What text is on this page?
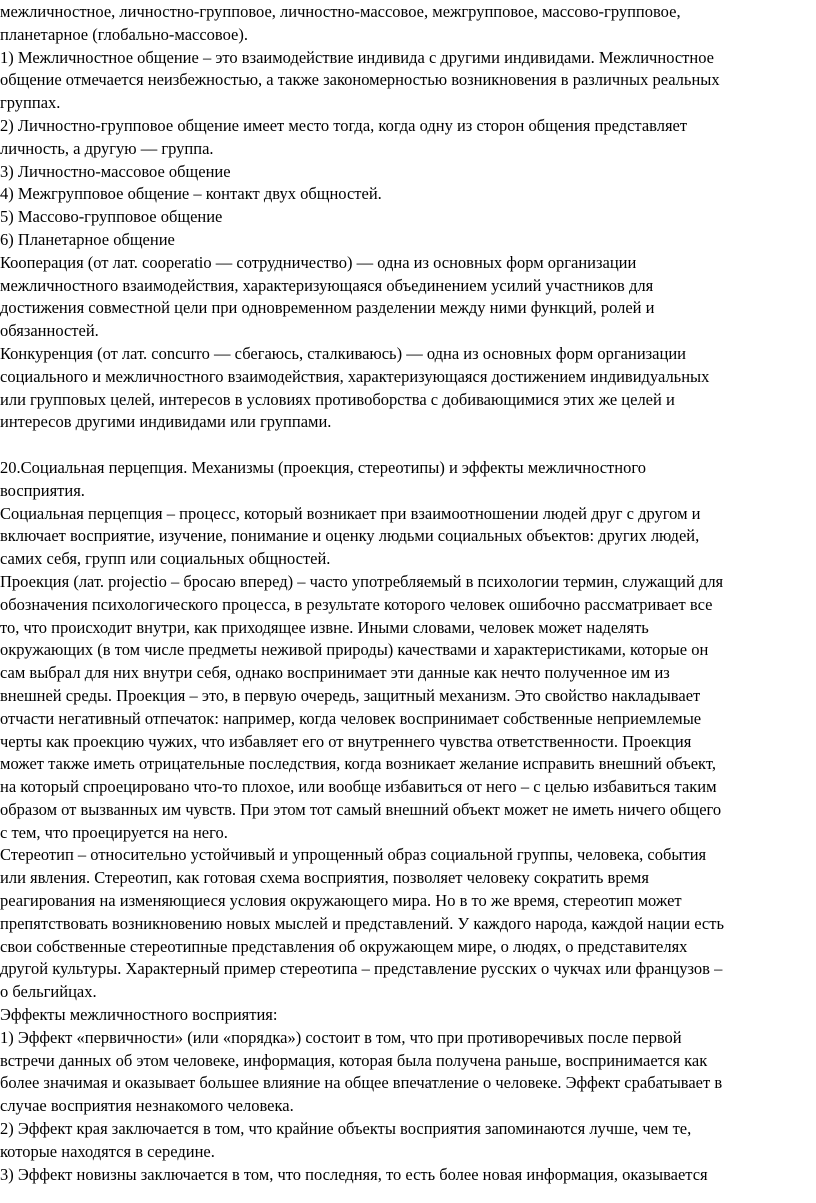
межличностное, личностно-групповое, личностно-массовое, межгрупповое, массово-групповое,
планетарное (глобально-массовое).
1) Межличностное общение – это взаимодействие индивида с другими индивидами. Межличностное
общение отмечается неизбежностью, а также закономерностью возникновения в различных реальных
группах.
2) Личностно-групповое общение имеет место тогда, когда одну из сторон общения представляет
личность, а другую — группа.
3) Личностно-массовое общение
4) Межгрупповое общение – контакт двух общностей.
5) Массово-групповое общение
6) Планетарное общение
Кооперация (от лат. cooperatio — сотрудничество) — одна из основных форм организации
межличностного взаимодействия, характеризующаяся объединением усилий участников для
достижения совместной цели при одновременном разделении между ними функций, ролей и
обязанностей.
Конкуренция (от лат. concurro — сбегаюсь, сталкиваюсь) — одна из основных форм организации
социального и межличностного взаимодействия, характеризующаяся достижением индивидуальных
или групповых целей, интересов в условиях противоборства с добивающимися этих же целей и
интересов другими индивидами или группами.
20.Социальная перцепция. Механизмы (проекция, стереотипы) и эффекты межличностного
восприятия.
Социальная перцепция – процесс, который возникает при взаимоотношении людей друг с другом и
включает восприятие, изучение, понимание и оценку людьми социальных объектов: других людей,
самих себя, групп или социальных общностей.
Проекция (лат. projectio – бросаю вперед) – часто употребляемый в психологии термин, служащий для
обозначения психологического процесса, в результате которого человек ошибочно рассматривает все
то, что происходит внутри, как приходящее извне. Иными словами, человек может наделять
окружающих (в том числе предметы неживой природы) качествами и характеристиками, которые он
сам выбрал для них внутри себя, однако воспринимает эти данные как нечто полученное им из
внешней среды. Проекция – это, в первую очередь, защитный механизм. Это свойство накладывает
отчасти негативный отпечаток: например, когда человек воспринимает собственные неприемлемые
черты как проекцию чужих, что избавляет его от внутреннего чувства ответственности. Проекция
может также иметь отрицательные последствия, когда возникает желание исправить внешний объект,
на который спроецировано что-то плохое, или вообще избавиться от него – с целью избавиться таким
образом от вызванных им чувств. При этом тот самый внешний объект может не иметь ничего общего
с тем, что проецируется на него.
Стереотип – относительно устойчивый и упрощенный образ социальной группы, человека, события
или явления. Стереотип, как готовая схема восприятия, позволяет человеку сократить время
реагирования на изменяющиеся условия окружающего мира. Но в то же время, стереотип может
препятствовать возникновению новых мыслей и представлений. У каждого народа, каждой нации есть
свои собственные стереотипные представления об окружающем мире, о людях, о представителях
другой культуры. Характерный пример стереотипа – представление русских о чукчах или французов –
о бельгийцах.
Эффекты межличностного восприятия:
1) Эффект «первичности» (или «порядка») состоит в том, что при противоречивых после первой
встречи данных об этом человеке, информация, которая была получена раньше, воспринимается как
более значимая и оказывает большее влияние на общее впечатление о человеке. Эффект срабатывает в
случае восприятия незнакомого человека.
2) Эффект края заключается в том, что крайние объекты восприятия запоминаются лучше, чем те,
которые находятся в середине.
3) Эффект новизны заключается в том, что последняя, то есть более новая информация, оказывается
